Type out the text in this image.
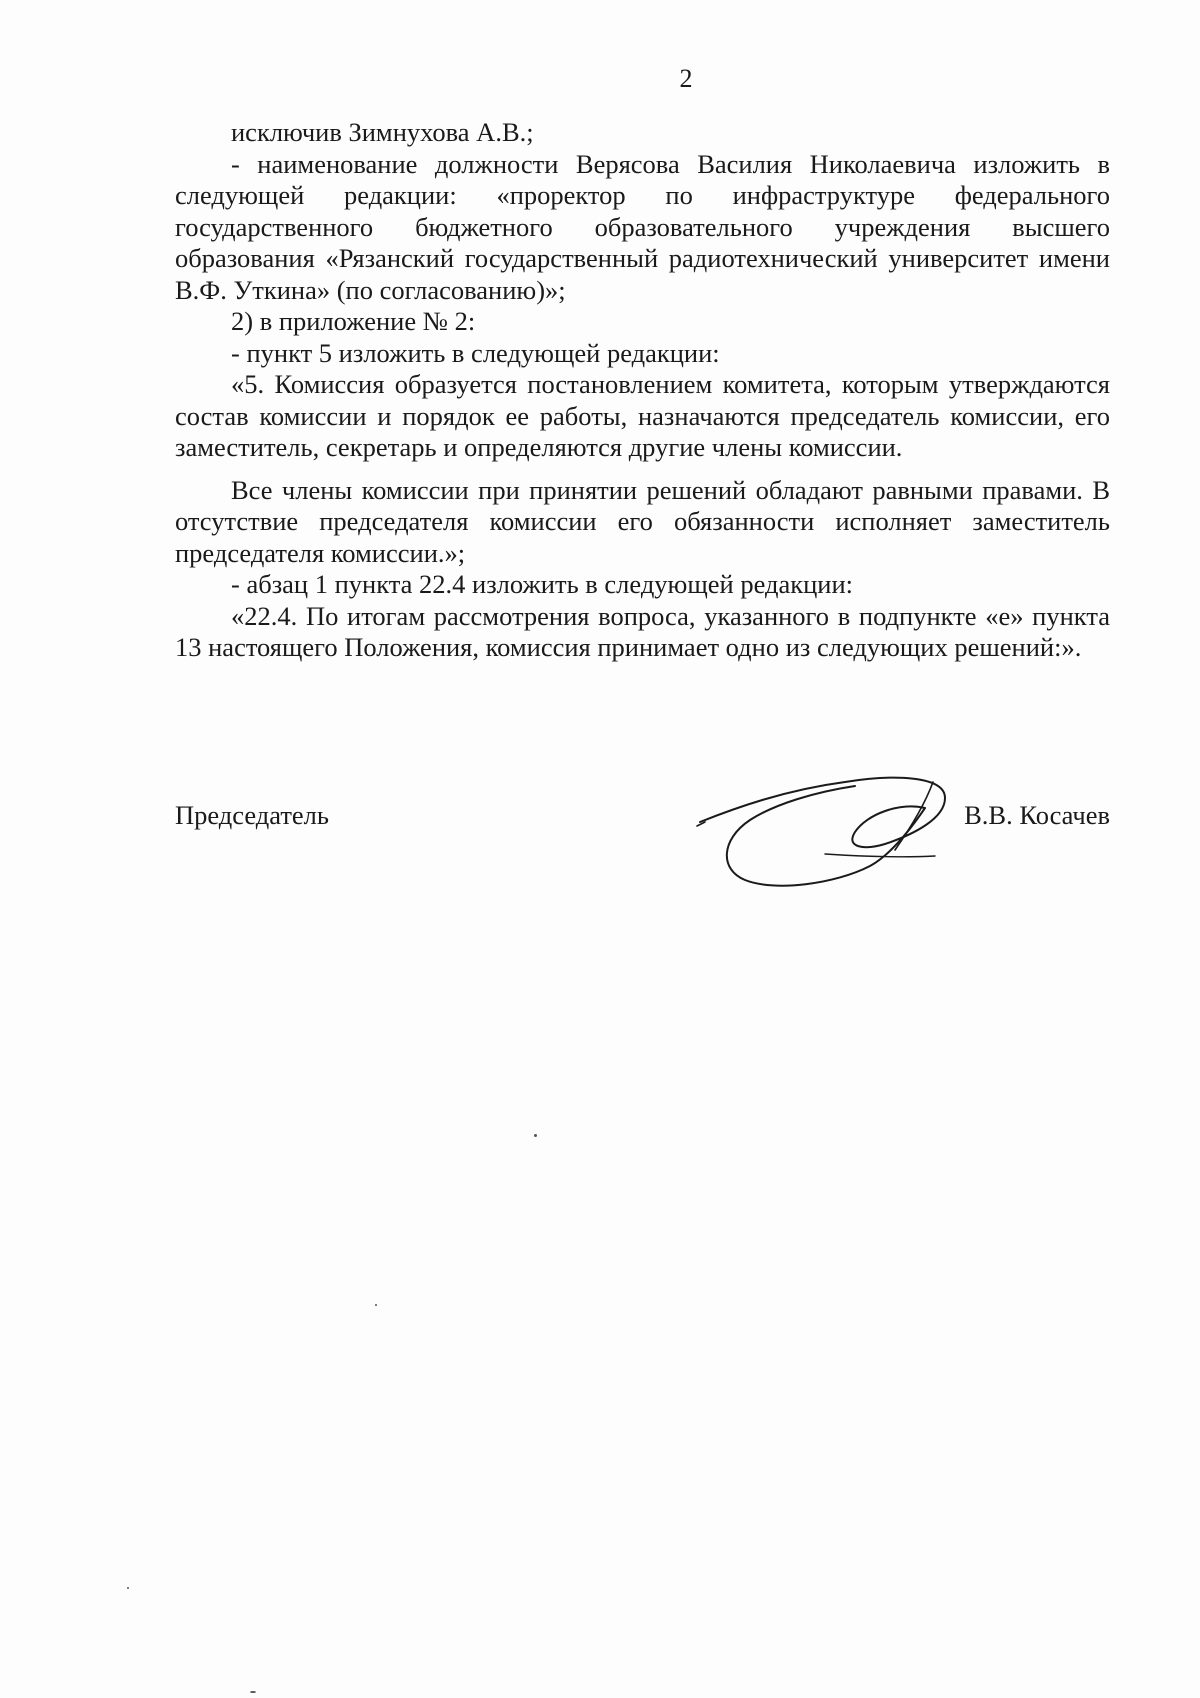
2

исключив Зимнухова А.В.;

- наименование должности Верясова Василия Николаевича изложить в следующей редакции: «проректор по инфраструктуре федерального государственного бюджетного образовательного учреждения высшего образования «Рязанский государственный радиотехнический университет имени В.Ф. Уткина» (по согласованию)»;

2) в приложение № 2:

- пункт 5 изложить в следующей редакции:

«5. Комиссия образуется постановлением комитета, которым утверждаются состав комиссии и порядок ее работы, назначаются председатель комиссии, его заместитель, секретарь и определяются другие члены комиссии.

Все члены комиссии при принятии решений обладают равными правами. В отсутствие председателя комиссии его обязанности исполняет заместитель председателя комиссии.»;

- абзац 1 пункта 22.4 изложить в следующей редакции:

«22.4. По итогам рассмотрения вопроса, указанного в подпункте «е» пункта 13 настоящего Положения, комиссия принимает одно из следующих решений:».

Председатель	В.В. Косачев
